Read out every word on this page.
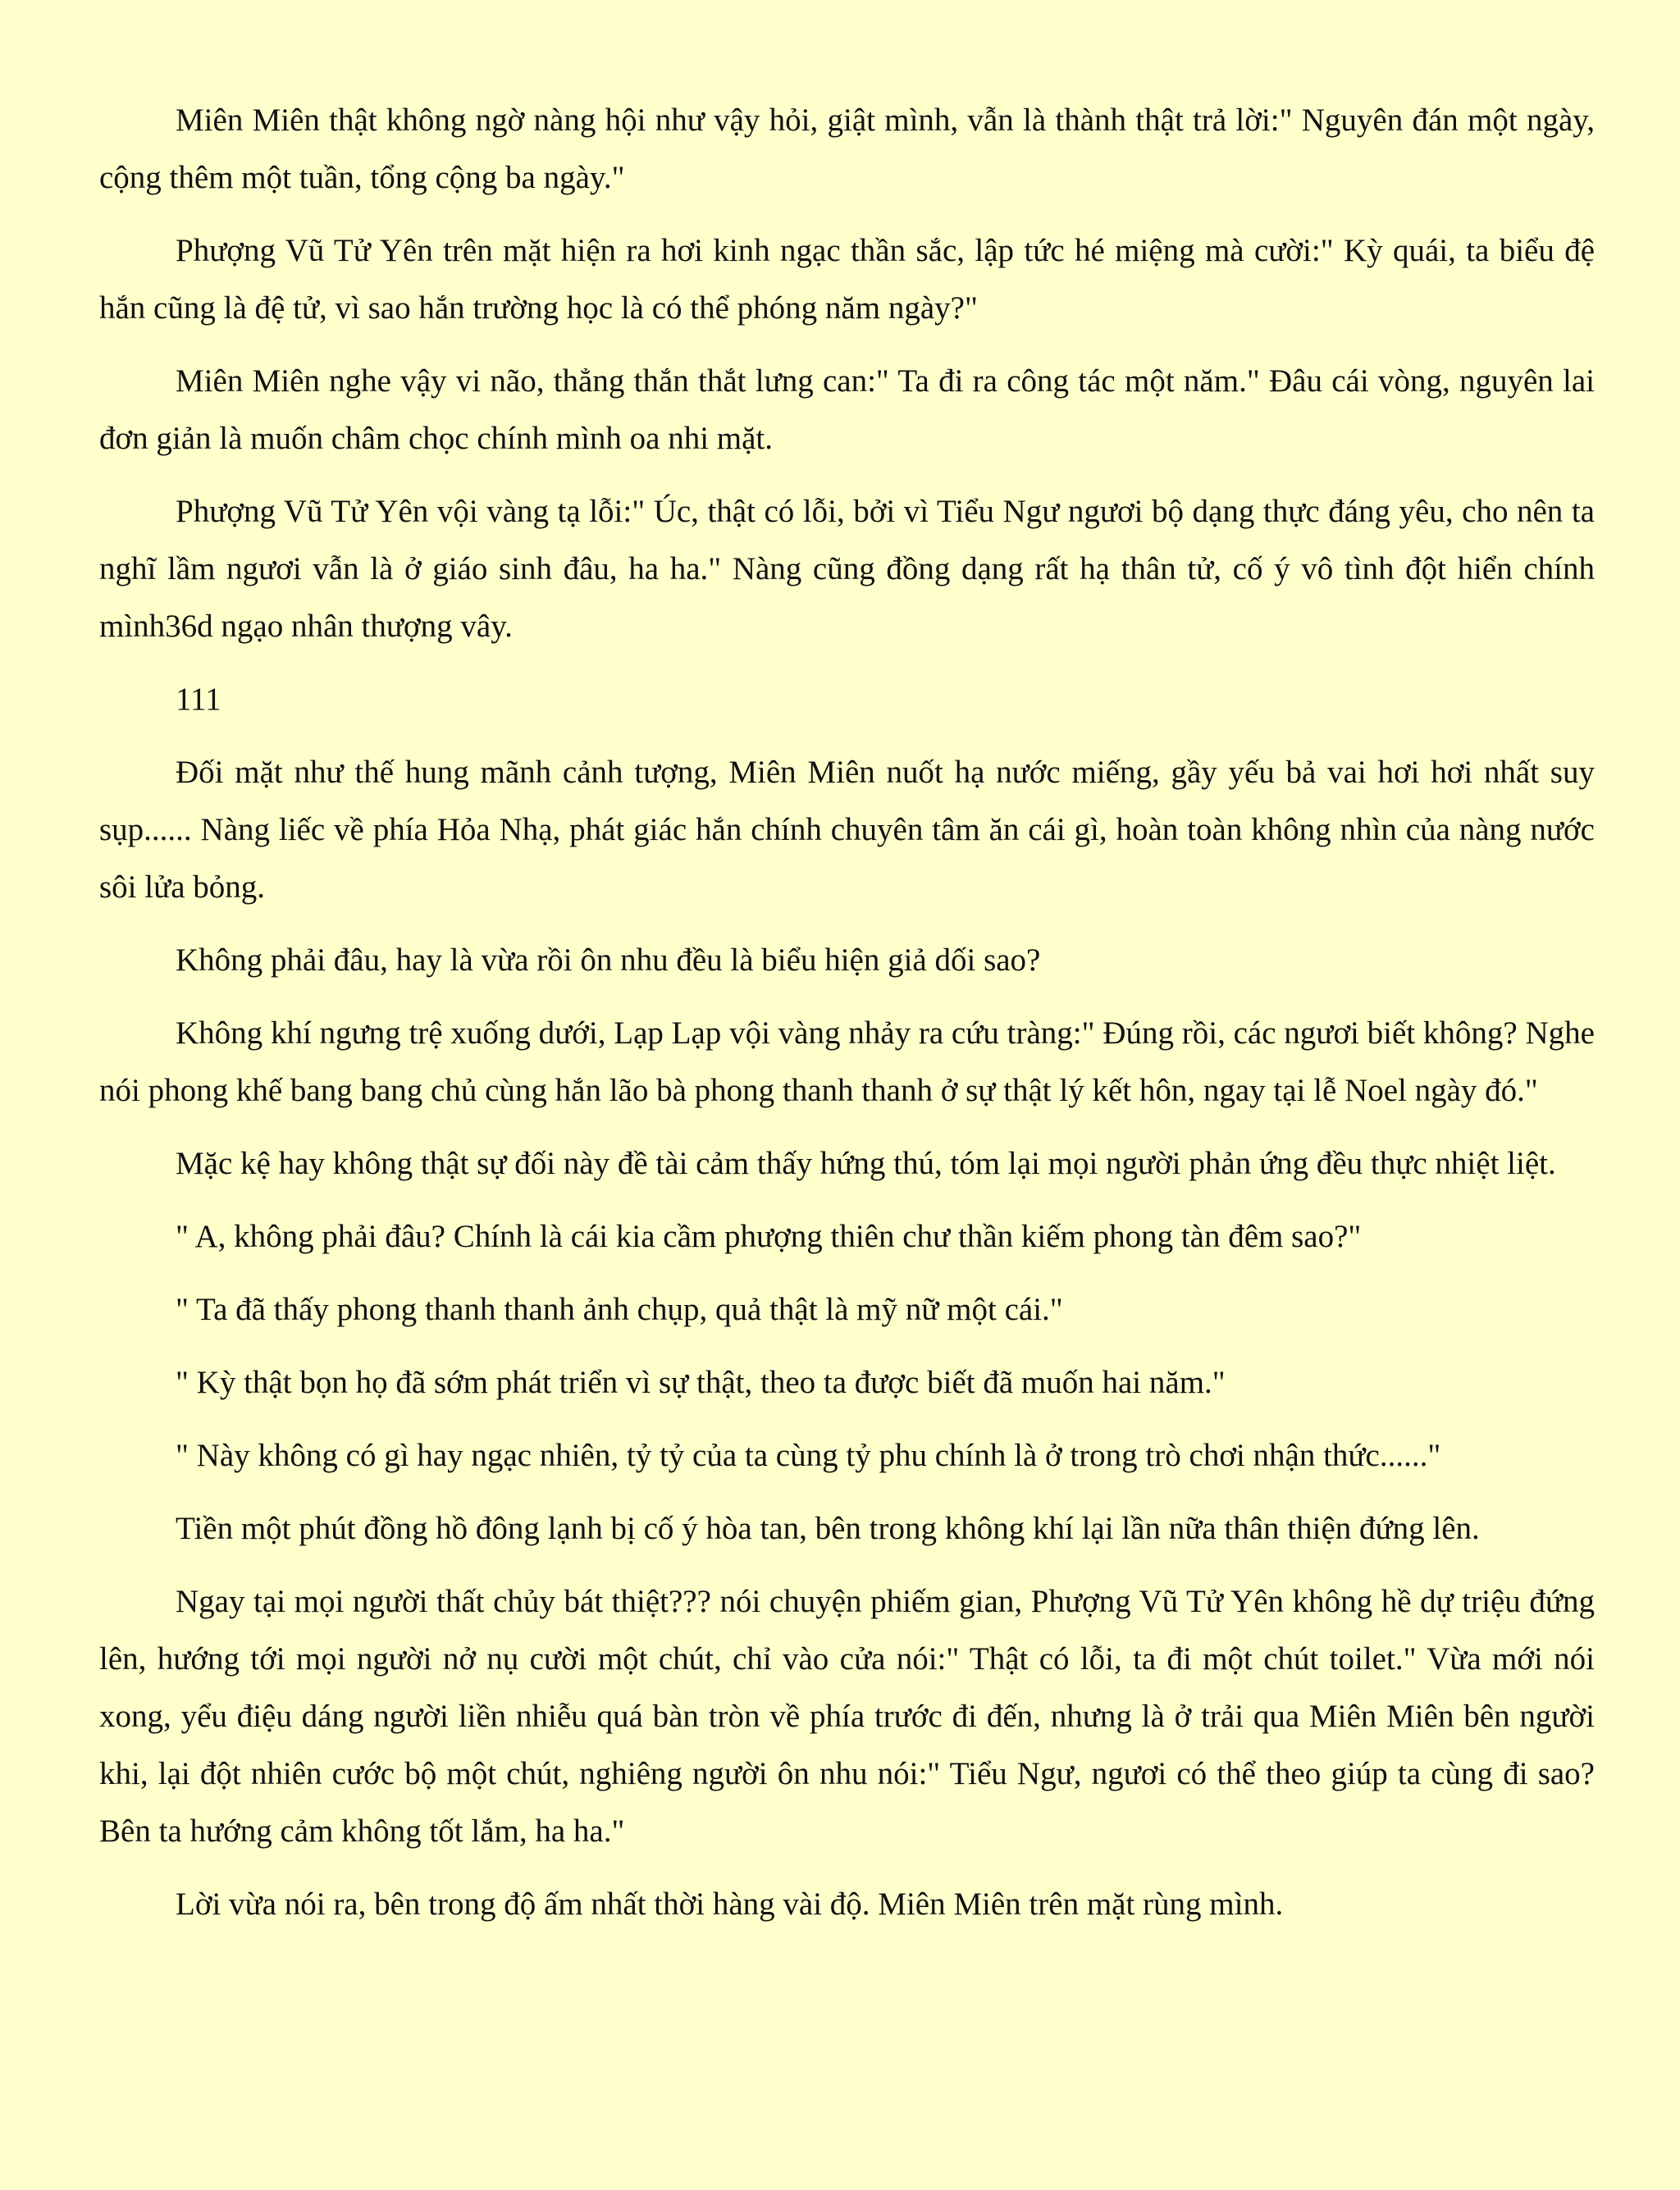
Miên Miên thật không ngờ nàng hội như vậy hỏi, giật mình, vẫn là thành thật trả lời:" Nguyên đán một ngày, cộng thêm một tuần, tổng cộng ba ngày."

Phượng Vũ Tử Yên trên mặt hiện ra hơi kinh ngạc thần sắc, lập tức hé miệng mà cười:" Kỳ quái, ta biểu đệ hắn cũng là đệ tử, vì sao hắn trường học là có thể phóng năm ngày?"

Miên Miên nghe vậy vi não, thẳng thắn thắt lưng can:" Ta đi ra công tác một năm." Đâu cái vòng, nguyên lai đơn giản là muốn châm chọc chính mình oa nhi mặt.

Phượng Vũ Tử Yên vội vàng tạ lỗi:" Úc, thật có lỗi, bởi vì Tiểu Ngư ngươi bộ dạng thực đáng yêu, cho nên ta nghĩ lầm ngươi vẫn là ở giáo sinh đâu, ha ha." Nàng cũng đồng dạng rất hạ thân tử, cố ý vô tình đột hiển chính mình36d ngạo nhân thượng vây.

111

Đối mặt như thế hung mãnh cảnh tượng, Miên Miên nuốt hạ nước miếng, gầy yếu bả vai hơi hơi nhất suy sụp...... Nàng liếc về phía Hỏa Nhạ, phát giác hắn chính chuyên tâm ăn cái gì, hoàn toàn không nhìn của nàng nước sôi lửa bỏng.

Không phải đâu, hay là vừa rồi ôn nhu đều là biểu hiện giả dối sao?

Không khí ngưng trệ xuống dưới, Lạp Lạp vội vàng nhảy ra cứu tràng:" Đúng rồi, các ngươi biết không? Nghe nói phong khế bang bang chủ cùng hắn lão bà phong thanh thanh ở sự thật lý kết hôn, ngay tại lễ Noel ngày đó."

Mặc kệ hay không thật sự đối này đề tài cảm thấy hứng thú, tóm lại mọi người phản ứng đều thực nhiệt liệt.

" A, không phải đâu? Chính là cái kia cầm phượng thiên chư thần kiếm phong tàn đêm sao?"

" Ta đã thấy phong thanh thanh ảnh chụp, quả thật là mỹ nữ một cái."

" Kỳ thật bọn họ đã sớm phát triển vì sự thật, theo ta được biết đã muốn hai năm."

" Này không có gì hay ngạc nhiên, tỷ tỷ của ta cùng tỷ phu chính là ở trong trò chơi nhận thức......"

Tiền một phút đồng hồ đông lạnh bị cố ý hòa tan, bên trong không khí lại lần nữa thân thiện đứng lên.

Ngay tại mọi người thất chủy bát thiệt??? nói chuyện phiếm gian, Phượng Vũ Tử Yên không hề dự triệu đứng lên, hướng tới mọi người nở nụ cười một chút, chỉ vào cửa nói:" Thật có lỗi, ta đi một chút toilet." Vừa mới nói xong, yểu điệu dáng người liền nhiễu quá bàn tròn về phía trước đi đến, nhưng là ở trải qua Miên Miên bên người khi, lại đột nhiên cước bộ một chút, nghiêng người ôn nhu nói:" Tiểu Ngư, ngươi có thể theo giúp ta cùng đi sao? Bên ta hướng cảm không tốt lắm, ha ha."

Lời vừa nói ra, bên trong độ ấm nhất thời hàng vài độ. Miên Miên trên mặt rùng mình.
